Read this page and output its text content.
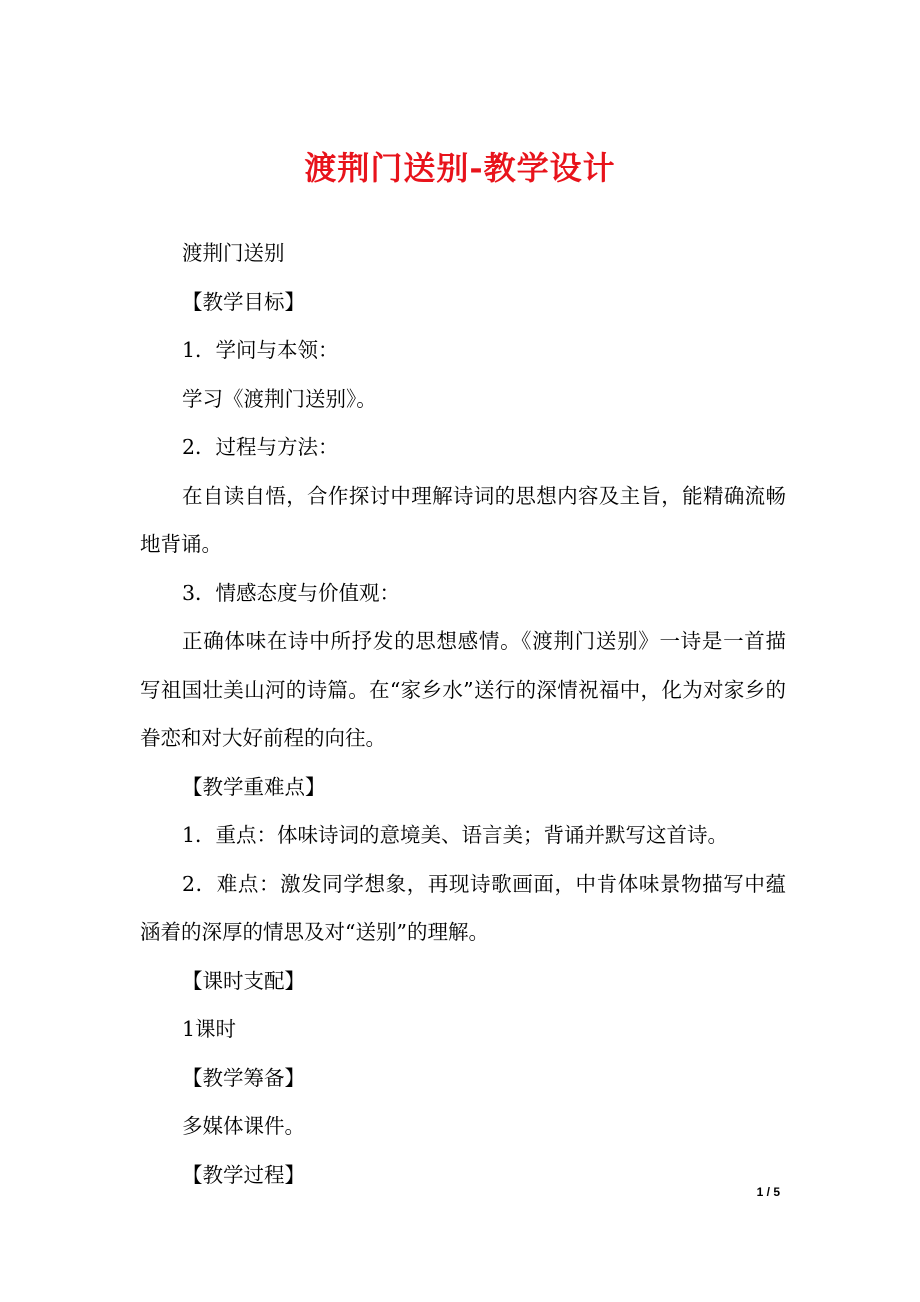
渡荆门送别-教学设计

渡荆门送别

【教学目标】

1．学问与本领：

学习《渡荆门送别》。

2．过程与方法：

在自读自悟，合作探讨中理解诗词的思想内容及主旨，能精确流畅地背诵。

3．情感态度与价值观：

正确体味在诗中所抒发的思想感情。《渡荆门送别》一诗是一首描写祖国壮美山河的诗篇。在“家乡水”送行的深情祝福中，化为对家乡的眷恋和对大好前程的向往。

【教学重难点】

1．重点：体味诗词的意境美、语言美；背诵并默写这首诗。

2．难点：激发同学想象，再现诗歌画面，中肯体味景物描写中蕴涵着的深厚的情思及对“送别”的理解。

【课时支配】

1课时

【教学筹备】

多媒体课件。

【教学过程】

1 / 5
